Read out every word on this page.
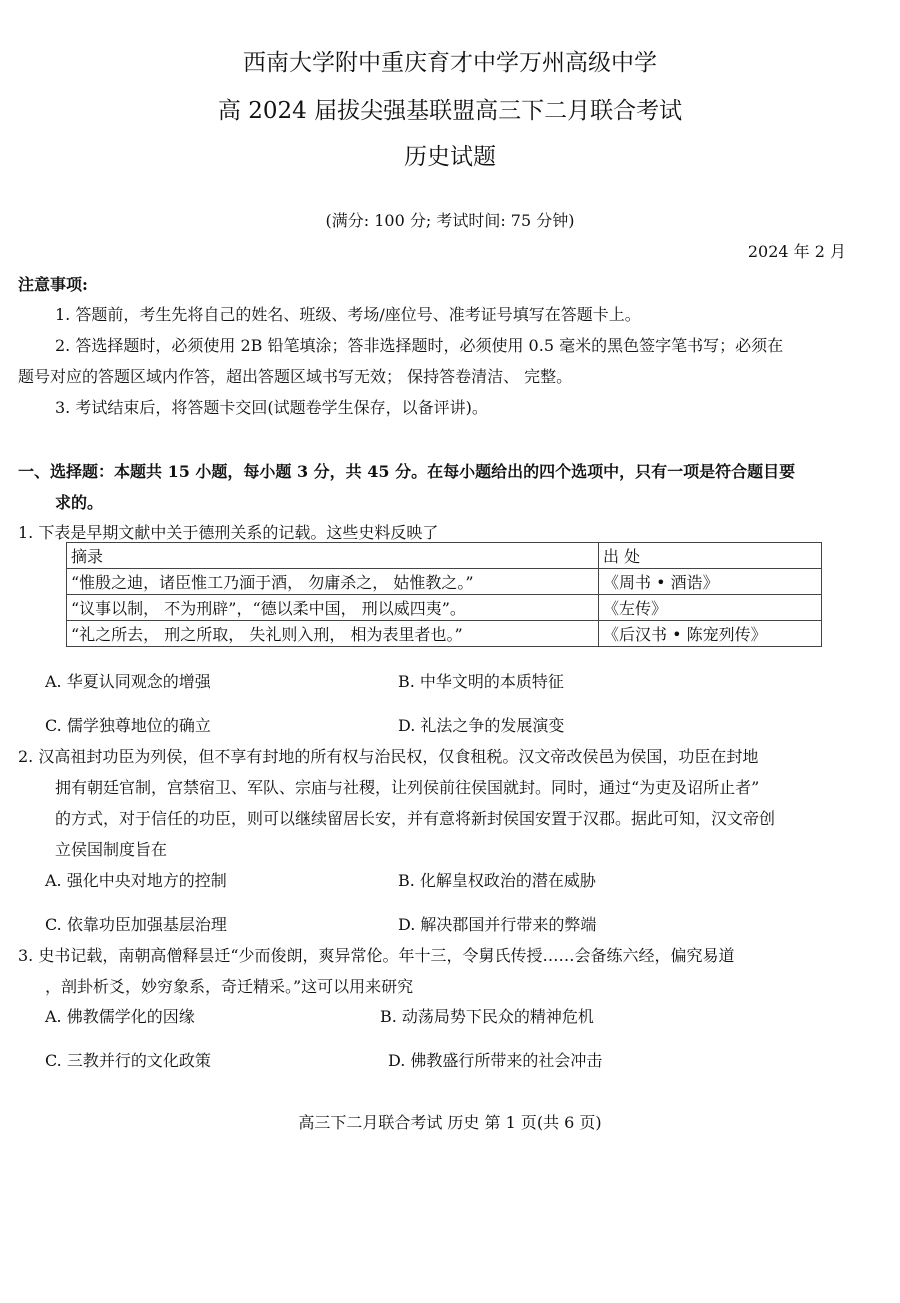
西南大学附中重庆育才中学万州高级中学
高 2024 届拔尖强基联盟高三下二月联合考试
历史试题
(满分: 100 分; 考试时间: 75 分钟)
2024 年 2 月
注意事项:
1. 答题前，考生先将自己的姓名、班级、考场/座位号、准考证号填写在答题卡上。
2. 答选择题时，必须使用 2B 铅笔填涂；答非选择题时，必须使用 0.5 毫米的黑色签字笔书写；必须在
题号对应的答题区域内作答，超出答题区域书写无效； 保持答卷清洁、 完整。
3. 考试结束后，将答题卡交回(试题卷学生保存，以备评讲)。
一、选择题：本题共 15 小题，每小题 3 分，共 45 分。在每小题给出的四个选项中，只有一项是符合题目要
求的。
1. 下表是早期文献中关于德刑关系的记载。这些史料反映了
摘录	出 处
“惟殷之迪，诸臣惟工乃湎于酒， 勿庸杀之， 姑惟教之。”	《周书 • 酒诰》
“议事以制， 不为刑辟”，“德以柔中国， 刑以威四夷”。	《左传》
“礼之所去， 刑之所取， 失礼则入刑， 相为表里者也。”	《后汉书 • 陈宠列传》
A. 华夏认同观念的增强	B. 中华文明的本质特征
C. 儒学独尊地位的确立	D. 礼法之争的发展演变
2. 汉高祖封功臣为列侯，但不享有封地的所有权与治民权，仅食租税。汉文帝改侯邑为侯国，功臣在封地
拥有朝廷官制，宫禁宿卫、军队、宗庙与社稷，让列侯前往侯国就封。同时，通过“为吏及诏所止者”
的方式，对于信任的功臣，则可以继续留居长安，并有意将新封侯国安置于汉郡。据此可知，汉文帝创
立侯国制度旨在
A. 强化中央对地方的控制	B. 化解皇权政治的潜在威胁
C. 依靠功臣加强基层治理	D. 解决郡国并行带来的弊端
3. 史书记载，南朝高僧释昙迁“少而俊朗，爽异常伦。年十三，令舅氏传授……会备练六经，偏究易道
，剖卦析爻，妙穷象系，奇迁精采。”这可以用来研究
A. 佛教儒学化的因缘	B. 动荡局势下民众的精神危机
C. 三教并行的文化政策	D. 佛教盛行所带来的社会冲击
高三下二月联合考试 历史 第 1 页(共 6 页)
